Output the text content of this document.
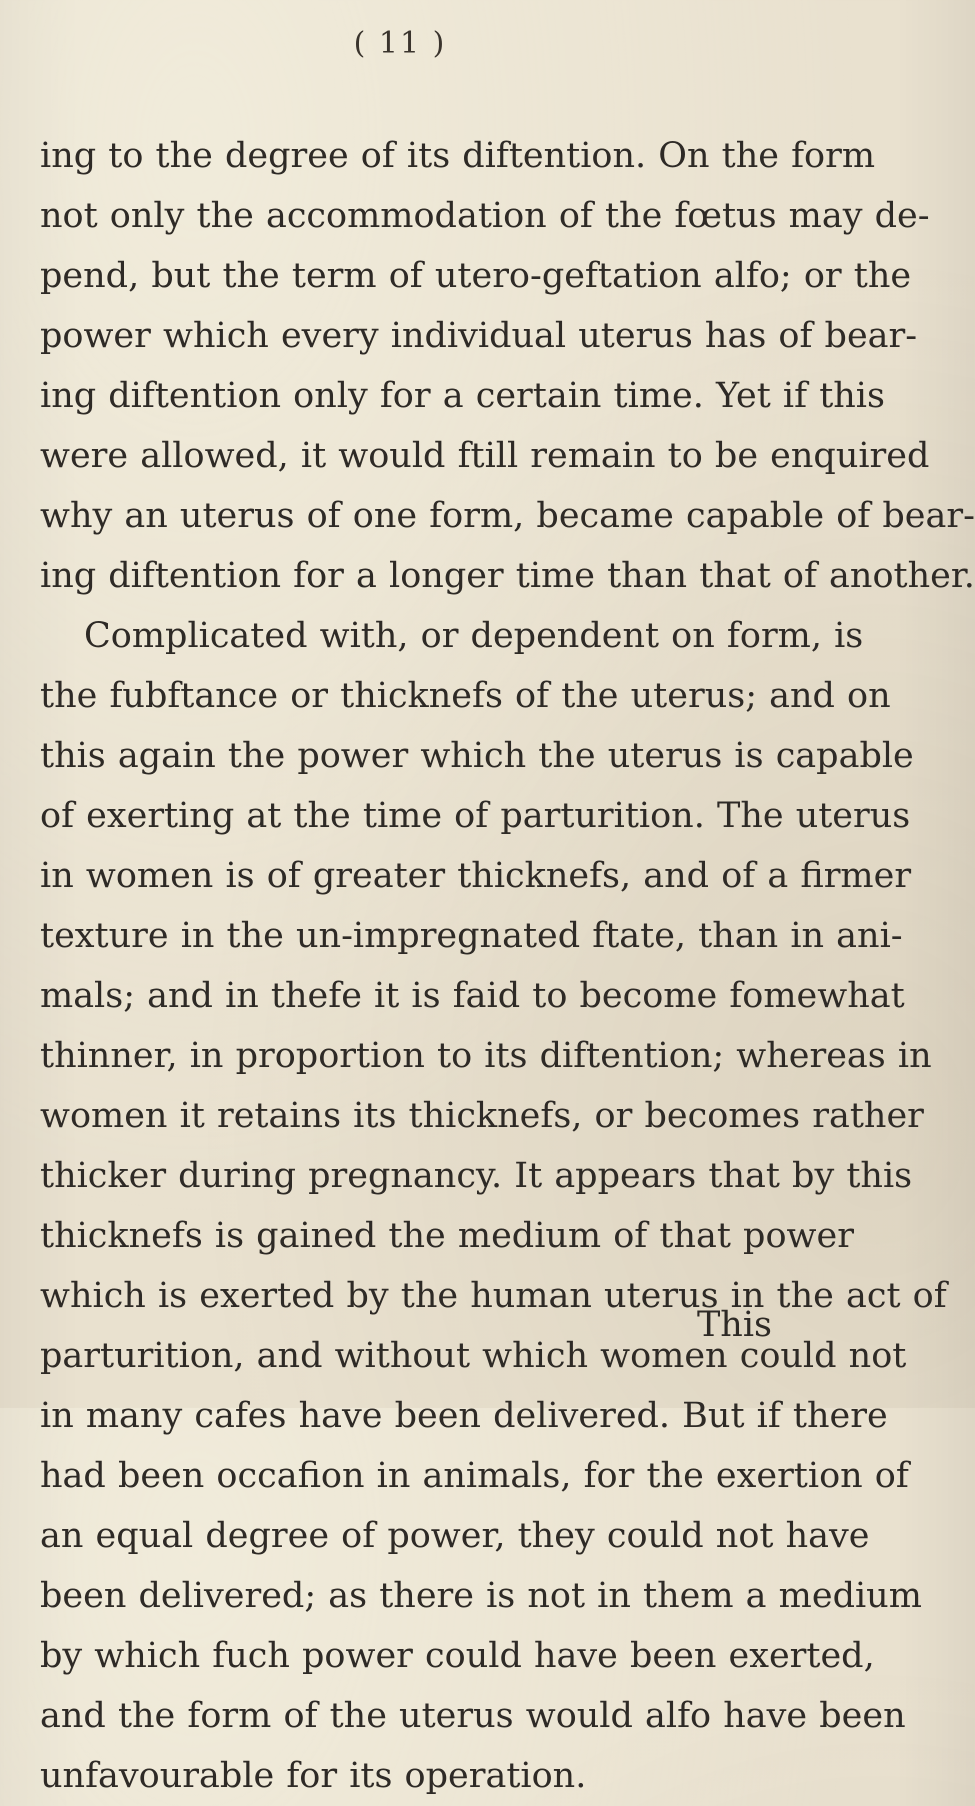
( 11 )
ing to the degree of its diftention. On the form
not only the accommodation of the fœtus may de-
pend, but the term of utero-geftation alfo; or the
power which every individual uterus has of bear-
ing diftention only for a certain time. Yet if this
were allowed, it would ftill remain to be enquired
why an uterus of one form, became capable of bear-
ing diftention for a longer time than that of another.
Complicated with, or dependent on form, is
the fubftance or thicknefs of the uterus; and on
this again the power which the uterus is capable
of exerting at the time of parturition. The uterus
in women is of greater thicknefs, and of a firmer
texture in the un-impregnated ftate, than in ani-
mals; and in thefe it is faid to become fomewhat
thinner, in proportion to its diftention; whereas in
women it retains its thicknefs, or becomes rather
thicker during pregnancy. It appears that by this
thicknefs is gained the medium of that power
which is exerted by the human uterus in the act of
parturition, and without which women could not
in many cafes have been delivered. But if there
had been occafion in animals, for the exertion of
an equal degree of power, they could not have
been delivered; as there is not in them a medium
by which fuch power could have been exerted,
and the form of the uterus would alfo have been
unfavourable for its operation.
This
